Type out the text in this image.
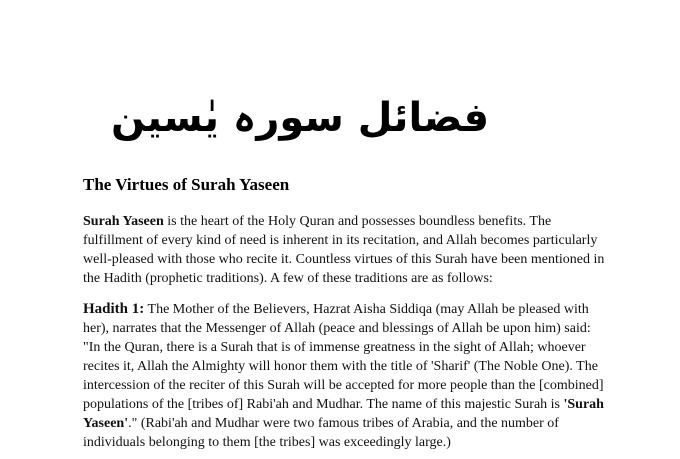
فضائل سورہ یٰسین
The Virtues of Surah Yaseen
Surah Yaseen is the heart of the Holy Quran and possesses boundless benefits. The
fulfillment of every kind of need is inherent in its recitation, and Allah becomes particularly
well-pleased with those who recite it. Countless virtues of this Surah have been mentioned in
the Hadith (prophetic traditions). A few of these traditions are as follows:
Hadith 1: The Mother of the Believers, Hazrat Aisha Siddiqa (may Allah be pleased with
her), narrates that the Messenger of Allah (peace and blessings of Allah be upon him) said:
"In the Quran, there is a Surah that is of immense greatness in the sight of Allah; whoever
recites it, Allah the Almighty will honor them with the title of 'Sharif' (The Noble One). The
intercession of the reciter of this Surah will be accepted for more people than the [combined]
populations of the [tribes of] Rabi'ah and Mudhar. The name of this majestic Surah is 'Surah
Yaseen'." (Rabi'ah and Mudhar were two famous tribes of Arabia, and the number of
individuals belonging to them [the tribes] was exceedingly large.)
